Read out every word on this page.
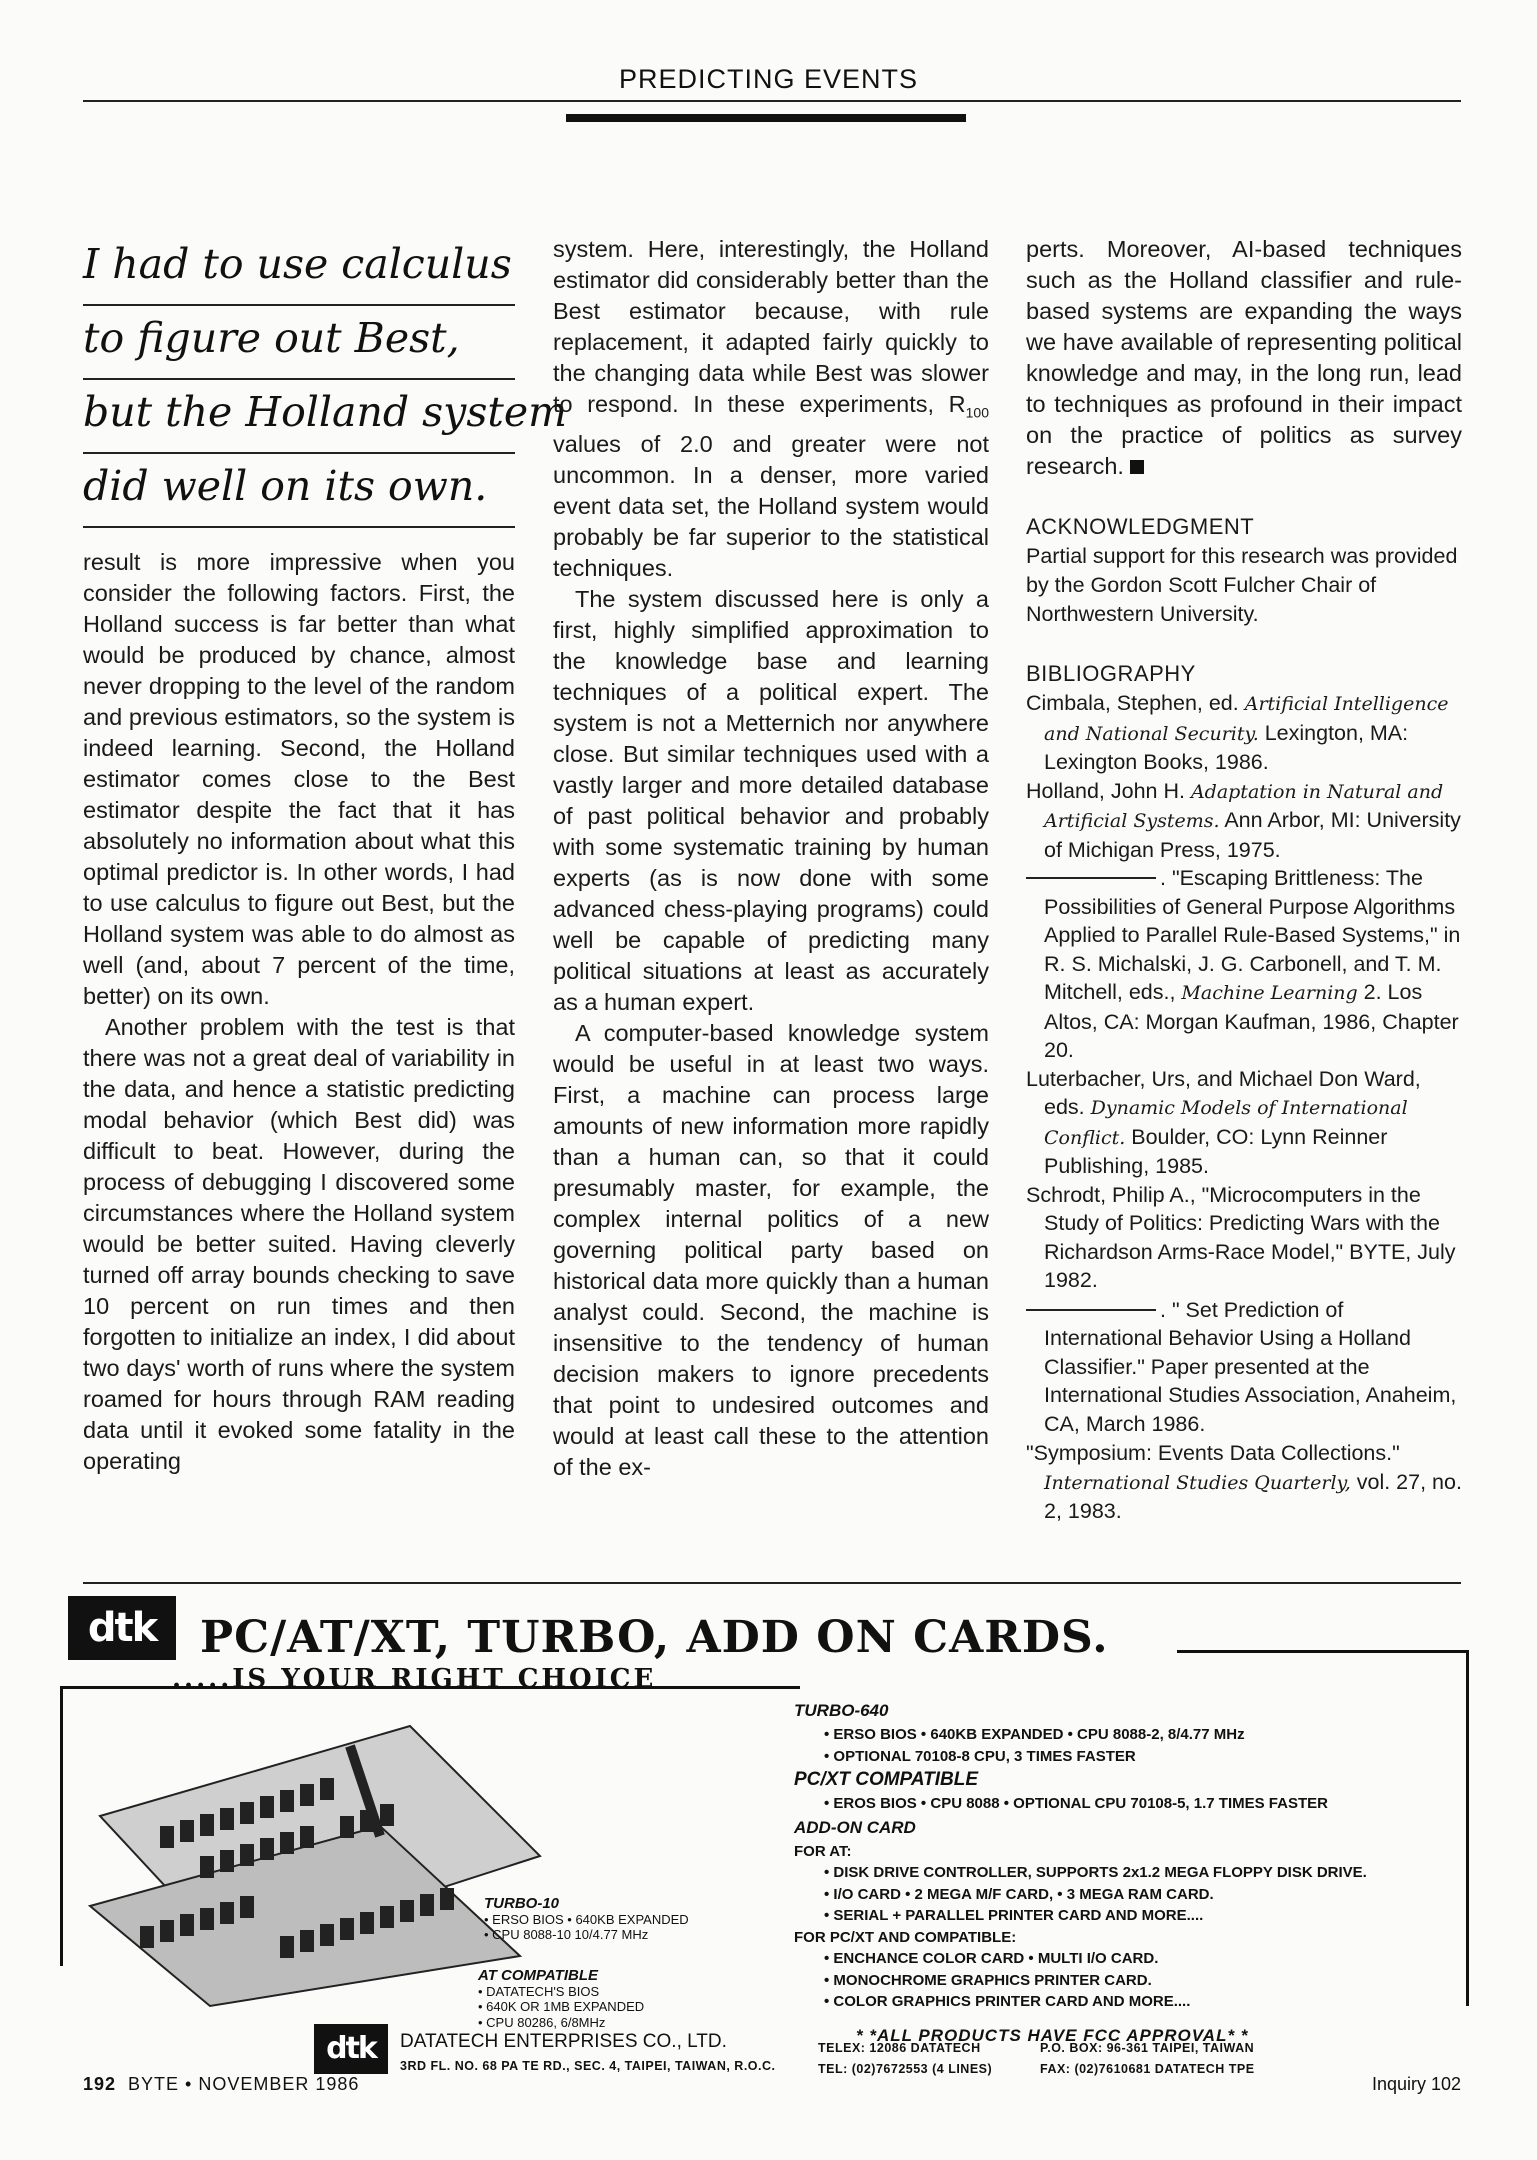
PREDICTING EVENTS
I had to use calculus
to figure out Best,
but the Holland system
did well on its own.

result is more impressive when you consider the following factors. First, the Holland success is far better than what would be produced by chance, almost never dropping to the level of the random and previous estimators, so the system is indeed learning. Second, the Holland estimator comes close to the Best estimator despite the fact that it has absolutely no information about what this optimal predictor is. In other words, I had to use calculus to figure out Best, but the Holland system was able to do almost as well (and, about 7 percent of the time, better) on its own.

Another problem with the test is that there was not a great deal of variability in the data, and hence a statistic predicting modal behavior (which Best did) was difficult to beat. However, during the process of debugging I discovered some circumstances where the Holland system would be better suited. Having cleverly turned off array bounds checking to save 10 percent on run times and then forgotten to initialize an index, I did about two days' worth of runs where the system roamed for hours through RAM reading data until it evoked some fatality in the operating

system. Here, interestingly, the Holland estimator did considerably better than the Best estimator because, with rule replacement, it adapted fairly quickly to the changing data while Best was slower to respond. In these experiments, $R_{100}$ values of 2.0 and greater were not uncommon. In a denser, more varied event data set, the Holland system would probably be far superior to the statistical techniques.

The system discussed here is only a first, highly simplified approximation to the knowledge base and learning techniques of a political expert. The system is not a Metternich nor anywhere close. But similar techniques used with a vastly larger and more detailed database of past political behavior and probably with some systematic training by human experts (as is now done with some advanced chess-playing programs) could well be capable of predicting many political situations at least as accurately as a human expert.

A computer-based knowledge system would be useful in at least two ways. First, a machine can process large amounts of new information more rapidly than a human can, so that it could presumably master, for example, the complex internal politics of a new governing political party based on historical data more quickly than a human analyst could. Second, the machine is insensitive to the tendency of human decision makers to ignore precedents that point to undesired outcomes and would at least call these to the attention of the ex-

perts. Moreover, AI-based techniques such as the Holland classifier and rule-based systems are expanding the ways we have available of representing political knowledge and may, in the long run, lead to techniques as profound in their impact on the practice of politics as survey research.

ACKNOWLEDGMENT
Partial support for this research was provided by the Gordon Scott Fulcher Chair of Northwestern University.
BIBLIOGRAPHY
Cimbala, Stephen, ed. Artificial Intelligence and National Security. Lexington, MA: Lexington Books, 1986.
Holland, John H. Adaptation in Natural and Artificial Systems. Ann Arbor, MI: University of Michigan Press, 1975.
. "Escaping Brittleness: The Possibilities of General Purpose Algorithms Applied to Parallel Rule-Based Systems," in R. S. Michalski, J. G. Carbonell, and T. M. Mitchell, eds., Machine Learning 2. Los Altos, CA: Morgan Kaufman, 1986, Chapter 20.
Luterbacher, Urs, and Michael Don Ward, eds. Dynamic Models of International Conflict. Boulder, CO: Lynn Reinner Publishing, 1985.
Schrodt, Philip A., "Microcomputers in the Study of Politics: Predicting Wars with the Richardson Arms-Race Model," BYTE, July 1982.
. " Set Prediction of International Behavior Using a Holland Classifier." Paper presented at the International Studies Association, Anaheim, CA, March 1986.
"Symposium: Events Data Collections." International Studies Quarterly, vol. 27, no. 2, 1983.
dtk PC/AT/XT, TURBO, ADD ON CARDS.
.....IS YOUR RIGHT CHOICE
TURBO-10
• ERSO BIOS • 640KB EXPANDED
• CPU 8088-10 10/4.77 MHz
AT COMPATIBLE
• DATATECH'S BIOS
• 640K OR 1MB EXPANDED
• CPU 80286, 6/8MHz
TURBO-640
• ERSO BIOS • 640KB EXPANDED • CPU 8088-2, 8/4.77 MHz
• OPTIONAL 70108-8 CPU, 3 TIMES FASTER
PC/XT COMPATIBLE
• EROS BIOS • CPU 8088 • OPTIONAL CPU 70108-5, 1.7 TIMES FASTER
ADD-ON CARD
FOR AT:
• DISK DRIVE CONTROLLER, SUPPORTS 2x1.2 MEGA FLOPPY DISK DRIVE.
• I/O CARD • 2 MEGA M/F CARD, • 3 MEGA RAM CARD.
• SERIAL + PARALLEL PRINTER CARD AND MORE....
FOR PC/XT AND COMPATIBLE:
• ENCHANCE COLOR CARD • MULTI I/O CARD.
• MONOCHROME GRAPHICS PRINTER CARD.
• COLOR GRAPHICS PRINTER CARD AND MORE....
* *ALL PRODUCTS HAVE FCC APPROVAL* *
dtk	DATATECH ENTERPRISES CO., LTD.
3RD FL. NO. 68 PA TE RD., SEC. 4, TAIPEI, TAIWAN, R.O.C.
TELEX: 12086 DATATECH
TEL: (02)7672553 (4 LINES)
P.O. BOX: 96-361 TAIPEI, TAIWAN
FAX: (02)7610681 DATATECH TPE
192 BYTE • NOVEMBER 1986	Inquiry 102
